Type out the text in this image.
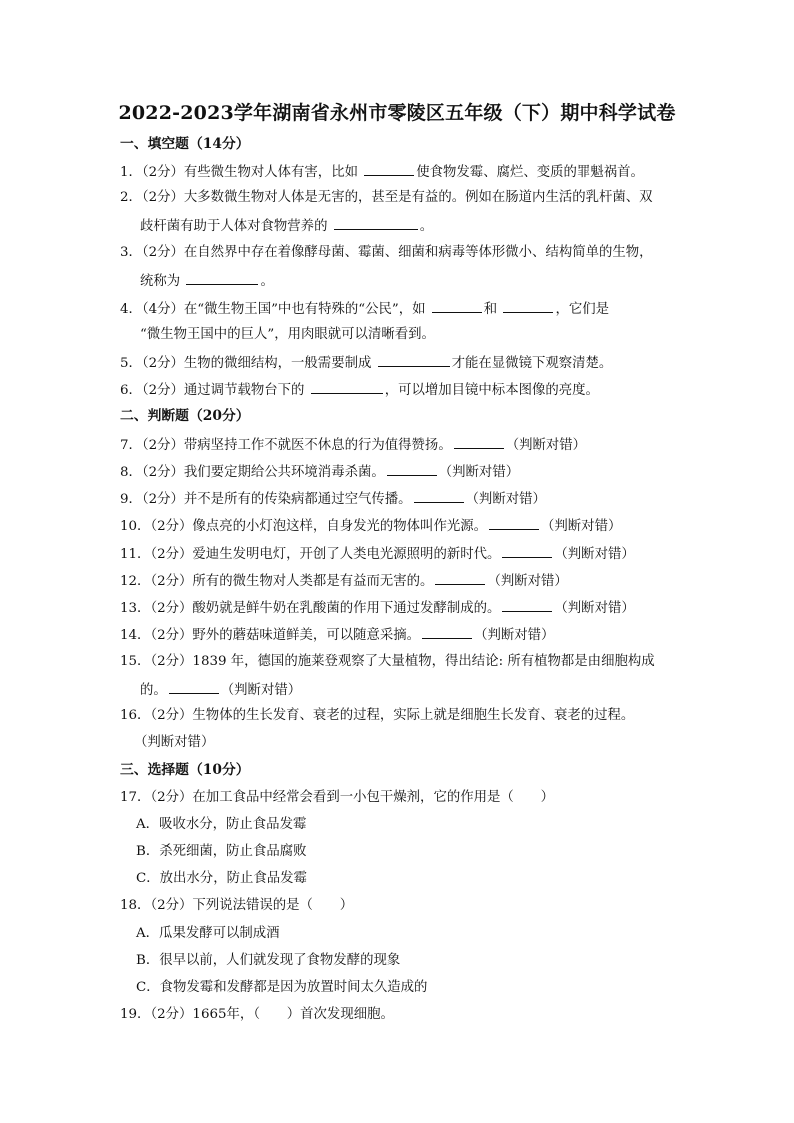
2022-2023学年湖南省永州市零陵区五年级（下）期中科学试卷
一、填空题（14分）
1．（2分）有些微生物对人体有害，比如	使食物发霉、腐烂、变质的罪魁祸首。
2．（2分）大多数微生物对人体是无害的，甚至是有益的。例如在肠道内生活的乳杆菌、双
歧杆菌有助于人体对食物营养的	。
3．（2分）在自然界中存在着像酵母菌、霉菌、细菌和病毒等体形微小、结构简单的生物，
统称为	。
4．（4分）在“微生物王国”中也有特殊的“公民”，如	和	，它们是
“微生物王国中的巨人”，用肉眼就可以清晰看到。
5．（2分）生物的微细结构，一般需要制成	才能在显微镜下观察清楚。
6．（2分）通过调节载物台下的	，可以增加目镜中标本图像的亮度。
二、判断题（20分）
7．（2分）带病坚持工作不就医不休息的行为值得赞扬。	（判断对错）
8．（2分）我们要定期给公共环境消毒杀菌。	（判断对错）
9．（2分）并不是所有的传染病都通过空气传播。	（判断对错）
10．（2分）像点亮的小灯泡这样，自身发光的物体叫作光源。	（判断对错）
11．（2分）爱迪生发明电灯，开创了人类电光源照明的新时代。	（判断对错）
12．（2分）所有的微生物对人类都是有益而无害的。	（判断对错）
13．（2分）酸奶就是鲜牛奶在乳酸菌的作用下通过发酵制成的。	（判断对错）
14．（2分）野外的蘑菇味道鲜美，可以随意采摘。	（判断对错）
15．（2分）1839 年，德国的施莱登观察了大量植物，得出结论: 所有植物都是由细胞构成
的。	（判断对错）
16．（2分）生物体的生长发育、衰老的过程，实际上就是细胞生长发育、衰老的过程。
（判断对错）
三、选择题（10分）
17．（2分）在加工食品中经常会看到一小包干燥剂，它的作用是（　　）
A．吸收水分，防止食品发霉
B．杀死细菌，防止食品腐败
C．放出水分，防止食品发霉
18．（2分）下列说法错误的是（　　）
A．瓜果发酵可以制成酒
B．很早以前，人们就发现了食物发酵的现象
C．食物发霉和发酵都是因为放置时间太久造成的
19．（2分）1665年，（　　）首次发现细胞。
